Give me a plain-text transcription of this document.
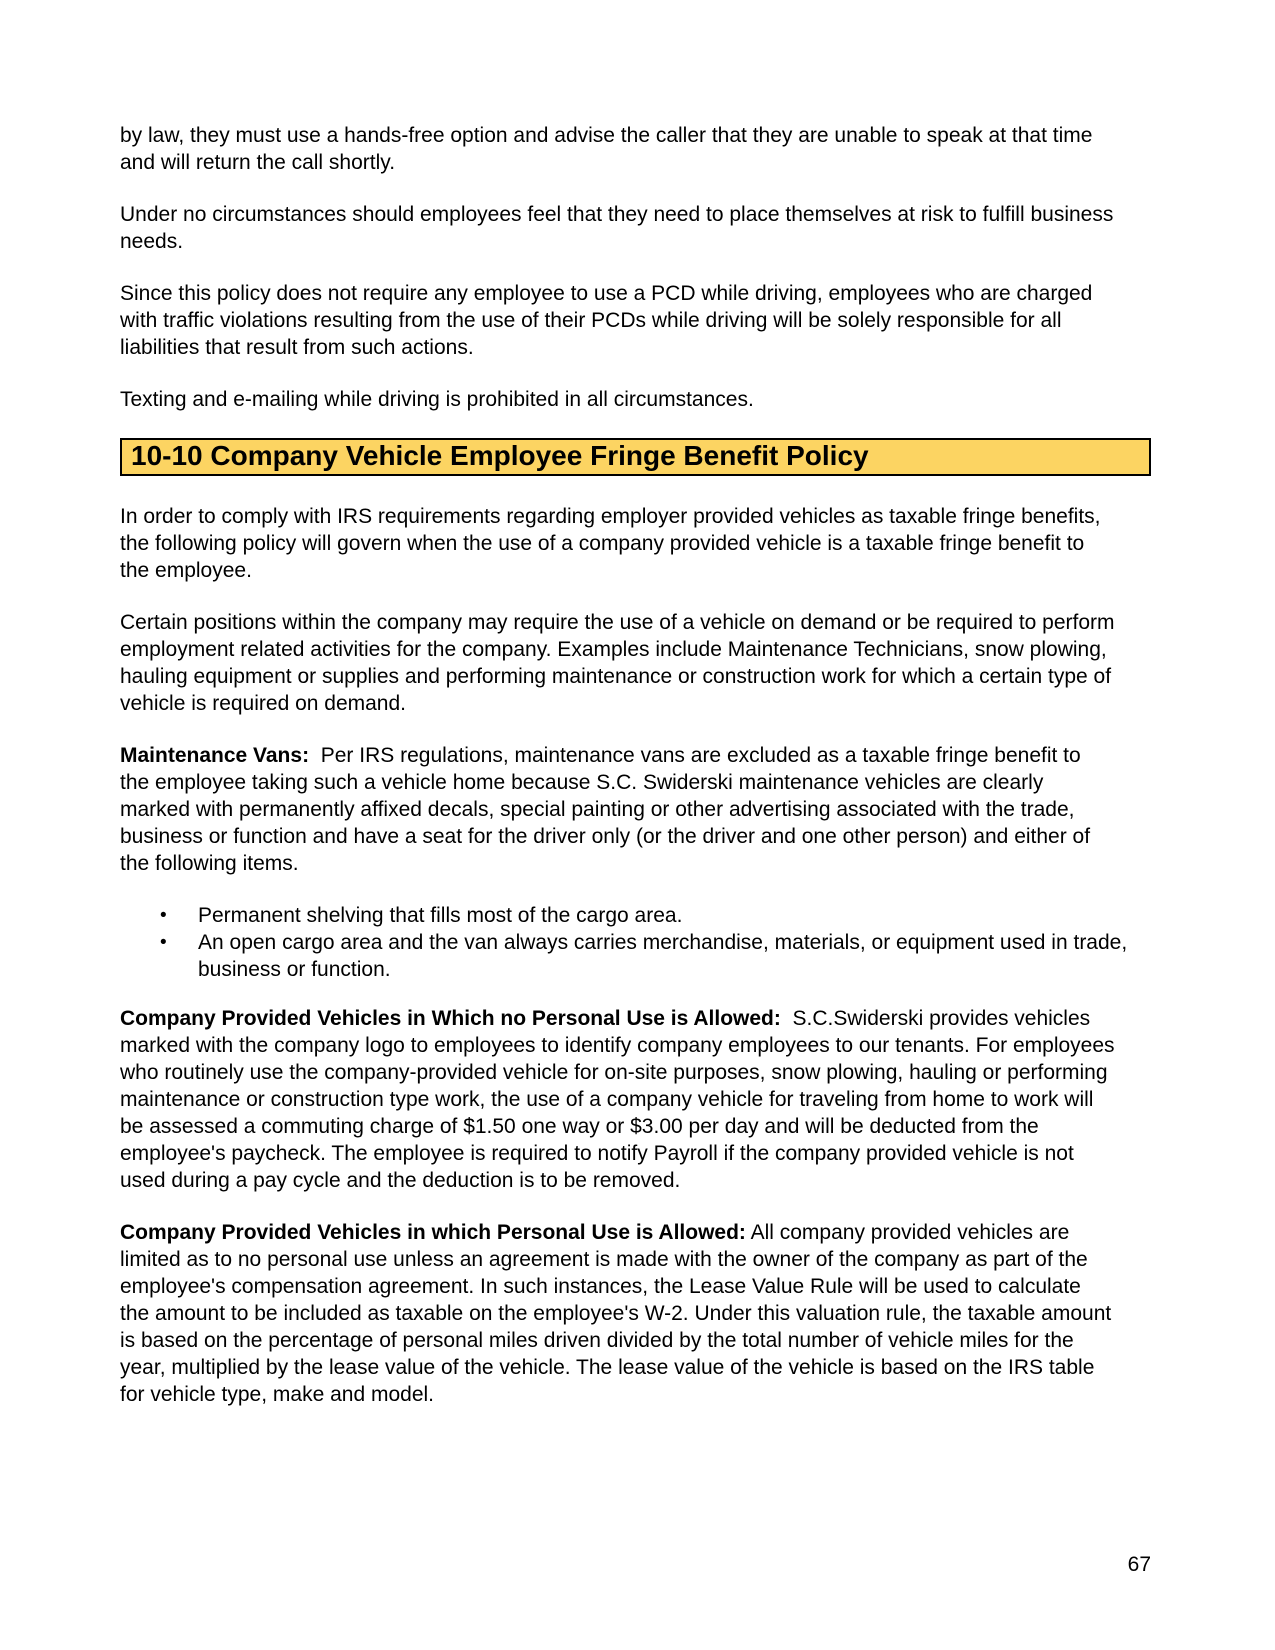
by law, they must use a hands-free option and advise the caller that they are unable to speak at that time and will return the call shortly.

Under no circumstances should employees feel that they need to place themselves at risk to fulfill business needs.

Since this policy does not require any employee to use a PCD while driving, employees who are charged with traffic violations resulting from the use of their PCDs while driving will be solely responsible for all liabilities that result from such actions.

Texting and e-mailing while driving is prohibited in all circumstances.

10-10 Company Vehicle Employee Fringe Benefit Policy

In order to comply with IRS requirements regarding employer provided vehicles as taxable fringe benefits, the following policy will govern when the use of a company provided vehicle is a taxable fringe benefit to the employee.

Certain positions within the company may require the use of a vehicle on demand or be required to perform employment related activities for the company. Examples include Maintenance Technicians, snow plowing, hauling equipment or supplies and performing maintenance or construction work for which a certain type of vehicle is required on demand.

Maintenance Vans:  Per IRS regulations, maintenance vans are excluded as a taxable fringe benefit to the employee taking such a vehicle home because S.C. Swiderski maintenance vehicles are clearly marked with permanently affixed decals, special painting or other advertising associated with the trade, business or function and have a seat for the driver only (or the driver and one other person) and either of the following items.

•	Permanent shelving that fills most of the cargo area.
•	An open cargo area and the van always carries merchandise, materials, or equipment used in trade, business or function.

Company Provided Vehicles in Which no Personal Use is Allowed:  S.C.Swiderski provides vehicles marked with the company logo to employees to identify company employees to our tenants. For employees who routinely use the company-provided vehicle for on-site purposes, snow plowing, hauling or performing maintenance or construction type work, the use of a company vehicle for traveling from home to work will be assessed a commuting charge of $1.50 one way or $3.00 per day and will be deducted from the employee's paycheck. The employee is required to notify Payroll if the company provided vehicle is not used during a pay cycle and the deduction is to be removed.

Company Provided Vehicles in which Personal Use is Allowed: All company provided vehicles are limited as to no personal use unless an agreement is made with the owner of the company as part of the employee's compensation agreement. In such instances, the Lease Value Rule will be used to calculate the amount to be included as taxable on the employee's W-2. Under this valuation rule, the taxable amount is based on the percentage of personal miles driven divided by the total number of vehicle miles for the year, multiplied by the lease value of the vehicle. The lease value of the vehicle is based on the IRS table for vehicle type, make and model.

67
